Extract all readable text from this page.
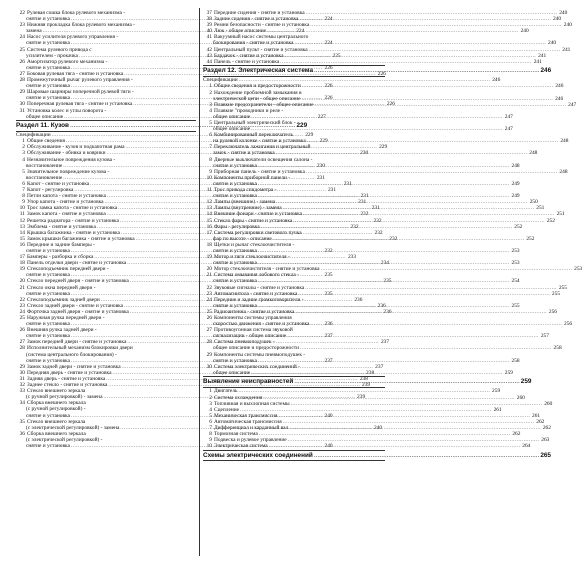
22 Рулевая сошка блока рулевого механизма -
снятие и установка .....	224
23 Нижняя прокладка блока рулевого механизма -
замена .....	224
24 Насос усилителя рулевого управления -
снятие и установка .....	224
25 Система рулевого привода с
усилителем - прокачка .....	225
26 Амортизатор рулевого механизма -
снятие и установка .....	226
27 Боковая рулевая тяга - снятие и установка .....	226
28 Промежуточный рычаг рулевого управления -
снятие и установка .....	226
29 Шаровые шарниры поперечной рулевой тяги -
снятие и установка .....	226
30 Поперечная рулевая тяга - снятие и установка .....	226
31 Установка колес и углы поворота -
общее описание .....	227
Раздел 11. Кузов .....	229
Спецификации .....	229
1 Общие сведения .....	229
2 Обслуживание - кузов и подкапотная рама .....	229
3 Обслуживание - обивка и коврики .....	230
4 Незначительное повреждения кузова -
восстановление .....	230
5 Значительное повреждение кузова -
восстановление .....	231
6 Капот - снятие и установка .....	231
7 Капот - регулировка .....	231
8 Петли капота - снятие и установка .....	231
9 Упор капота - снятие и установка .....	231
10 Трос замка капота - снятие и установка .....	231
11 Замок капота - снятие и установка .....	232
12 Решетка радиатора - снятие и установка .....	232
13 Эмблема - снятие и установка .....	232
14 Крышка багажника - снятие и установка .....	232
15 Замок крышки багажника - снятие и установка .....	232
16 Передние и задние бамперы -
снятие и установка .....	232
17 Бамперы - разборка и сборка .....	233
18 Панель отделки двери - снятие и установка .....	234
19 Стеклоподъемник передней двери -
снятие и установка .....	235
20 Стекло передней двери - снятие и установка .....	235
21 Стекло окна передней двери -
снятие и установка .....	235
22 Стеклоподъемник задней двери .....	236
23 Стекло задней двери - снятие и установка .....	236
24 Форточка задней двери - снятие и установка .....	236
25 Наружная ручка передней двери -
снятие и установка .....	236
26 Внешняя ручка задней двери -
снятие и установка .....	237
27 Замок передней двери - снятие и установка .....	237
28 Исполнительный механизм блокировки двери
(система центрального блокирования) -
снятие и установка .....	237
29 Замок задней двери - снятие и установка .....	237
30 Передняя дверь - снятие и установка .....	238
31 Задняя дверь - снятие и установка .....	238
32 Заднее стекло - снятие и установка .....	239
33 Стекло внешнего зеркала
(с ручной регулировкой) - замена .....	239
34 Сборка внешнего зеркала
(с ручной регулировкой) -
снятие и установка .....	240
35 Стекло внешнего зеркала
(с электрической регулировкой) - замена .....	240
36 Сборка внешнего зеркала
(с электрической регулировкой) -
снятие и установка .....	240
37 Передние сидения - снятие и установка .....	240
38 Задние сидения - снятие и установка .....	240
39 Ремни безопасности - снятие и установка .....	240
40 Люк - общее описание .....	240
41 Вакуумный насос системы центрального
блокирования - снятие и установка .....	240
42 Центральный пульт - снятие и установка .....	241
43 Бардачок - снятие и установка .....	241
44 Панель - снятие и установка .....	241
Раздел 12. Электрическая система .....	246
Спецификации .....	246
1 Общие сведения и предосторожности .....	246
2 Нахождение проблемной замыкания в
электрической цепи - общее описание .....	246
3 Плавкие предохранители - общее описание .....	247
4 Плавкие "проводники и реле -
общее описание .....	247
5 Центральный электрический блок -
общее описание .....	247
6 Комбинированный переключатель
на рулевой колонке - снятие и установка .....	248
7 Переключатель зажигания и центральный
замок - снятие и установка .....	248
8 Дверные выключатели освещения салона -
снятие и установка .....	248
9 Приборная панель - снятие и установка .....	248
10 Компоненты приборной панели -
снятие и установка .....	249
11 Трос привода спидометра -
снятие и установка .....	249
12 Лампы (внешние) - замена .....	250
13 Лампы (внутренние) - замена .....	251
14 Внешние фонари - снятие и установка .....	251
15 Стекло фары - снятие и установка .....	252
16 Фары - регулировка .....	252
17 Система регулировки светового пучка
фар по высоте - описание .....	252
18 Щетки и рычаг стеклоочистителя -
снятие и установка .....	253
19 Мотор и тяги стеклоочистителя -
снятие и установка .....	253
20 Мотор стеклоочистителя - снятие и установка .....	253
21 Система омывания лобового стекла -
снятие и установка .....	254
22 Звуковые сигналы - снятие и установка .....	255
23 Автомагнитола - снятие и установка .....	255
24 Передние и задние громкоговорители -
снятие и установка .....	255
25 Радиоантенна - снятие и установка .....	256
26 Компоненты системы управления
скоростью движения - снятие и установка .....	256
27 Противоугонная система звуковой
сигнализации - общее описание .....	257
28 Система пневмоподушек -
общее описание и предосторожности .....	258
29 Компоненты системы пневмоподушек -
снятие и установка .....	258
30 Система электрических соединений -
общее описание .....	259
Выявление неисправностей .....	259
1 Двигатель .....	259
2 Система охлаждения .....	260
3 Топливная и выхлопная системы .....	260
4 Сцепление .....	261
5 Механическая трансмиссия .....	261
6 Автоматическая трансмиссия .....	262
7 Дифференциал и карданный вал .....	262
8 Тормозная система .....	262
9 Подвеска и рулевое управление .....	263
10 Электрическая система .....	264
Схемы электрических соединений .....	265
